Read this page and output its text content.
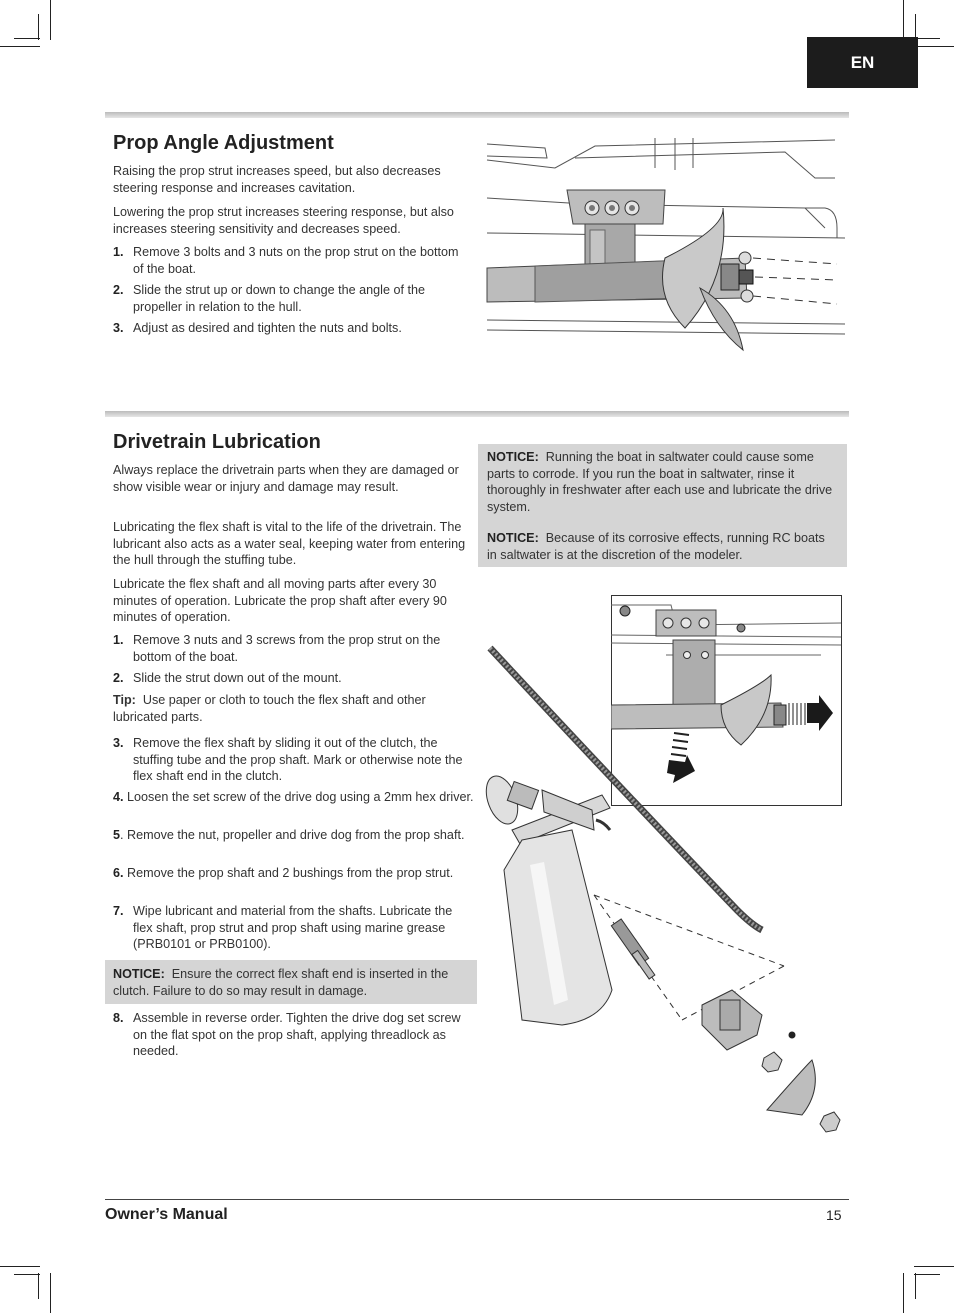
EN
Prop Angle Adjustment

Raising the prop strut increases speed, but also decreases steering response and increases cavitation.

Lowering the prop strut increases steering response, but also increases steering sensitivity and decreases speed.

1. Remove 3 bolts and 3 nuts on the prop strut on the bottom of the boat.
2. Slide the strut up or down to change the angle of the propeller in relation to the hull.
3. Adjust as desired and tighten the nuts and bolts.
Drivetrain Lubrication

Always replace the drivetrain parts when they are damaged or show visible wear or injury and damage may result.

Lubricating the flex shaft is vital to the life of the drivetrain. The lubricant also acts as a water seal, keeping water from entering the hull through the stuffing tube.

Lubricate the flex shaft and all moving parts after every 30 minutes of operation. Lubricate the prop shaft after every 90 minutes of operation.

1. Remove 3 nuts and 3 screws from the prop strut on the bottom of the boat.
2. Slide the strut down out of the mount.
Tip: Use paper or cloth to touch the flex shaft and other lubricated parts.
3. Remove the flex shaft by sliding it out of the clutch, the stuffing tube and the prop shaft. Mark or otherwise note the flex shaft end in the clutch.
4. Loosen the set screw of the drive dog using a 2mm hex driver.
5. Remove the nut, propeller and drive dog from the prop shaft.
6. Remove the prop shaft and 2 bushings from the prop strut.
7. Wipe lubricant and material from the shafts. Lubricate the flex shaft, prop strut and prop shaft using marine grease (PRB0101 or PRB0100).
NOTICE: Ensure the correct flex shaft end is inserted in the clutch. Failure to do so may result in damage.
8. Assemble in reverse order. Tighten the drive dog set screw on the flat spot on the prop shaft, applying threadlock as needed.
NOTICE: Running the boat in saltwater could cause some parts to corrode. If you run the boat in saltwater, rinse it thoroughly in freshwater after each use and lubricate the drive system.
NOTICE: Because of its corrosive effects, running RC boats in saltwater is at the discretion of the modeler.
Owner’s Manual	15
